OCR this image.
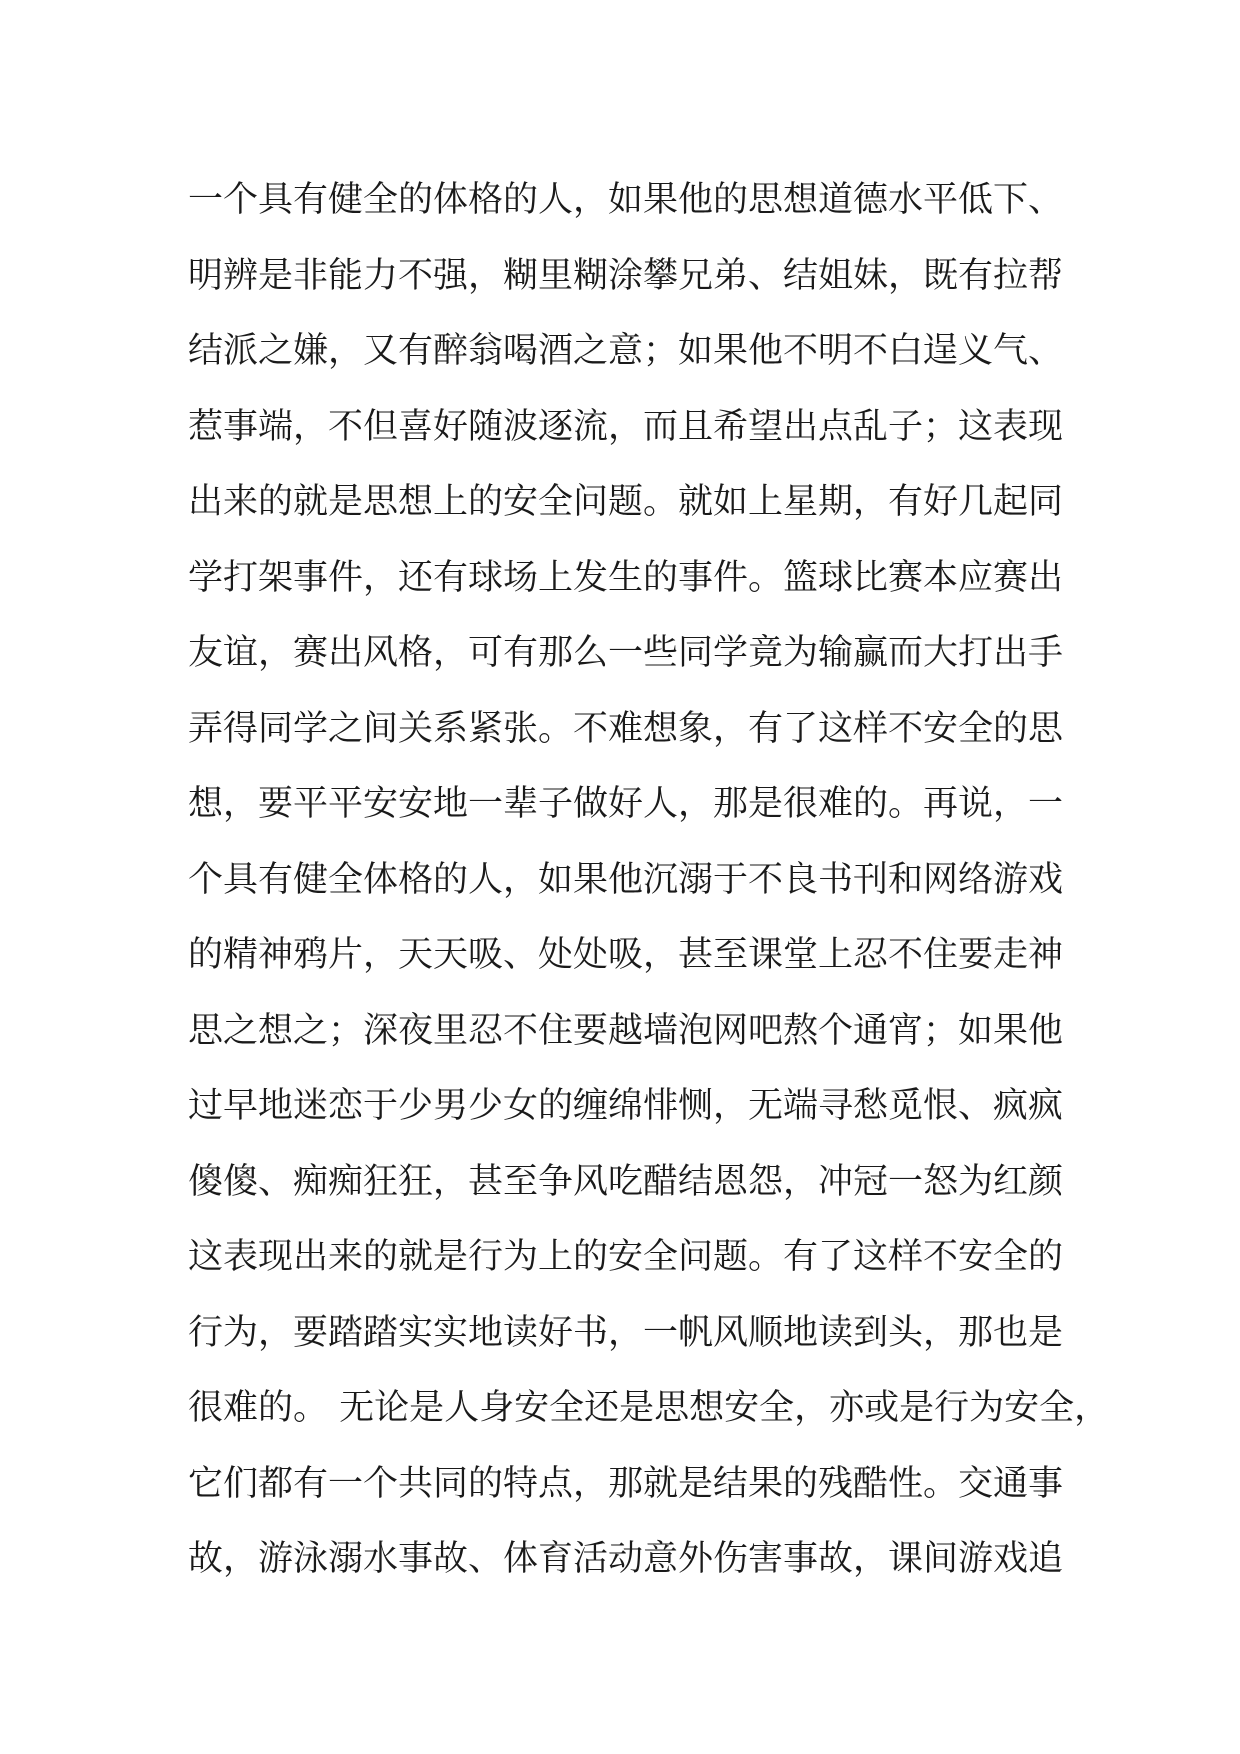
一个具有健全的体格的人，如果他的思想道德水平低下、
明辨是非能力不强，糊里糊涂攀兄弟、结姐妹，既有拉帮
结派之嫌，又有醉翁喝酒之意；如果他不明不白逞义气、
惹事端，不但喜好随波逐流，而且希望出点乱子；这表现
出来的就是思想上的安全问题。就如上星期，有好几起同
学打架事件，还有球场上发生的事件。篮球比赛本应赛出
友谊，赛出风格，可有那么一些同学竟为输赢而大打出手
弄得同学之间关系紧张。不难想象，有了这样不安全的思
想，要平平安安地一辈子做好人，那是很难的。再说，一
个具有健全体格的人，如果他沉溺于不良书刊和网络游戏
的精神鸦片，天天吸、处处吸，甚至课堂上忍不住要走神
思之想之；深夜里忍不住要越墙泡网吧熬个通宵；如果他
过早地迷恋于少男少女的缠绵悱恻，无端寻愁觅恨、疯疯
傻傻、痴痴狂狂，甚至争风吃醋结恩怨，冲冠一怒为红颜
这表现出来的就是行为上的安全问题。有了这样不安全的
行为，要踏踏实实地读好书，一帆风顺地读到头，那也是
很难的。 无论是人身安全还是思想安全，亦或是行为安全，
它们都有一个共同的特点，那就是结果的残酷性。交通事
故，游泳溺水事故、体育活动意外伤害事故，课间游戏追
